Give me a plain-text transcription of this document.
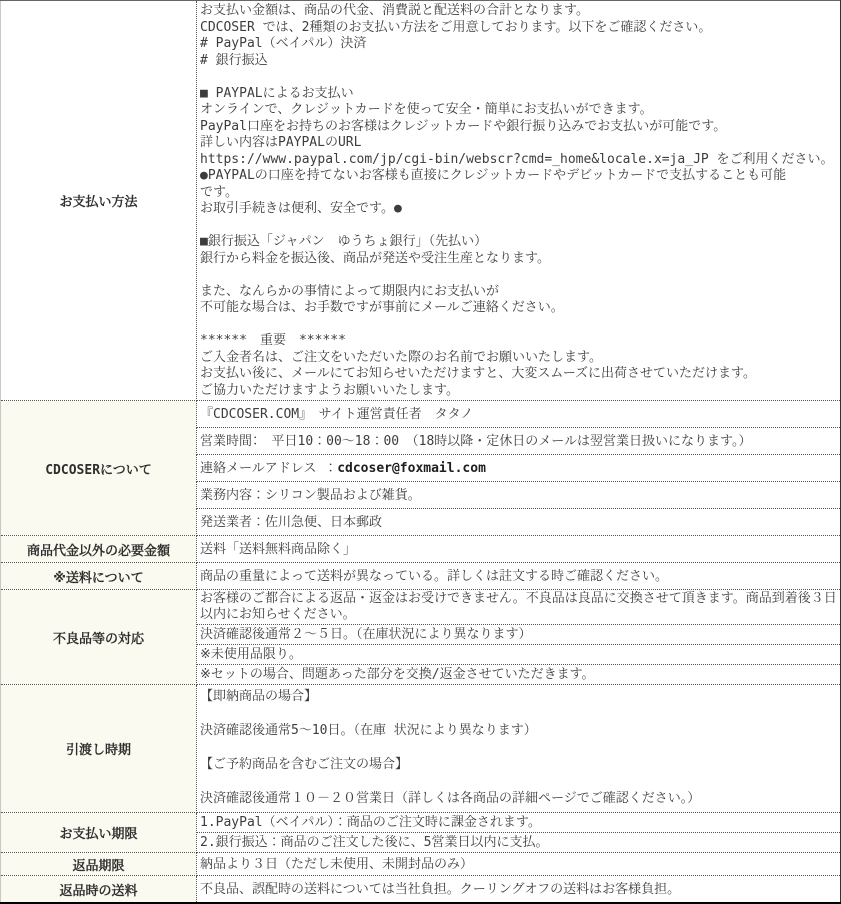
お支払い方法	お支払い金額は、商品の代金、消費説と配送料の合計となります。
CDCOSER では、2種類のお支払い方法をご用意しております。以下をご確認ください。
# PayPal（ベイパル）決済
# 銀行振込

■ PAYPALによるお支払い
オンラインで、クレジットカードを使って安全・簡単にお支払いができます。
PayPal口座をお持ちのお客様はクレジットカードや銀行振り込みでお支払いが可能です。
詳しい内容はPAYPALのURL
https://www.paypal.com/jp/cgi-bin/webscr?cmd=_home&locale.x=ja_JP をご利用ください。
●PAYPALの口座を持てないお客様も直接にクレジットカードやデビットカードで支払することも可能
です。
お取引手続きは便利、安全です。●

■銀行振込「ジャパン　ゆうちょ銀行」（先払い）
銀行から料金を振込後、商品が発送や受注生産となります。

また、なんらかの事情によって期限内にお支払いが
不可能な場合は、お手数ですが事前にメールご連絡ください。

******　重要　******
ご入金者名は、ご注文をいただいた際のお名前でお願いいたします。
お支払い後に、メールにてお知らせいただけますと、大変スムーズに出荷させていただけます。
ご協力いただけますようお願いいたします。
CDCOSERについて	『CDCOSER.COM』　サイト運営責任者　タタノ
	営業時間：　平日10：00～18：00　（18時以降・定休日のメールは翌営業日扱いになります。）
	連絡メールアドレス ：cdcoser@foxmail.com
	業務内容：シリコン製品および雑貨。
	発送業者：佐川急便、日本郵政
商品代金以外の必要金額	送料「送料無料商品除く」
※送料について	商品の重量によって送料が異なっている。詳しくは註文する時ご確認ください。
不良品等の対応	お客様のご都合による返品・返金はお受けできません。不良品は良品に交換させて頂きます。商品到着後３日以内にお知らせください。
	決済確認後通常２～５日。（在庫状況により異なります）
	※未使用品限り。
	※セットの場合、問題あった部分を交換/返金させていただきます。
引渡し時期	【即納商品の場合】

決済確認後通常5～10日。（在庫 状況により異なります）

【ご予約商品を含むご注文の場合】

決済確認後通常１０－２０営業日（詳しくは各商品の詳細ページでご確認ください。）
お支払い期限	1.PayPal（ベイパル）：商品のご注文時に課金されます。
	2.銀行振込：商品のご注文した後に、5営業日以内に支払。
返品期限	納品より３日（ただし未使用、未開封品のみ）
返品時の送料	不良品、誤配時の送料については当社負担。クーリングオフの送料はお客様負担。
